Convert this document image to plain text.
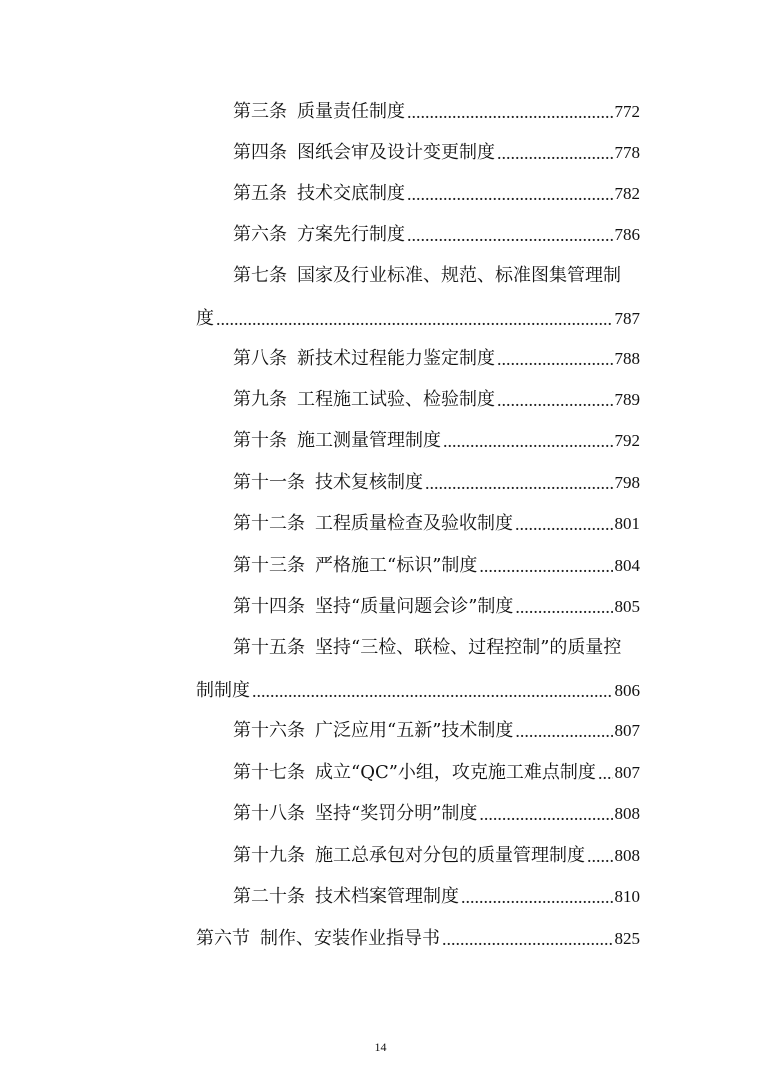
第三条 质量责任制度 .....	772
第四条 图纸会审及设计变更制度 .....	778
第五条 技术交底制度 .....	782
第六条 方案先行制度 .....	786
第七条 国家及行业标准、规范、标准图集管理制
度 .....	787
第八条 新技术过程能力鉴定制度 .....	788
第九条 工程施工试验、检验制度 .....	789
第十条 施工测量管理制度 .....	792
第十一条 技术复核制度 .....	798
第十二条 工程质量检查及验收制度 .....	801
第十三条 严格施工“标识”制度 .....	804
第十四条 坚持“质量问题会诊”制度 .....	805
第十五条 坚持“三检、联检、过程控制”的质量控
制制度 .....	806
第十六条 广泛应用“五新”技术制度 .....	807
第十七条 成立“QC”小组，攻克施工难点制度 ..... 807
第十八条 坚持“奖罚分明”制度 .....	808
第十九条 施工总承包对分包的质量管理制度 ..... 808
第二十条 技术档案管理制度 .....	810
第六节 制作、安装作业指导书 .....	825
14
